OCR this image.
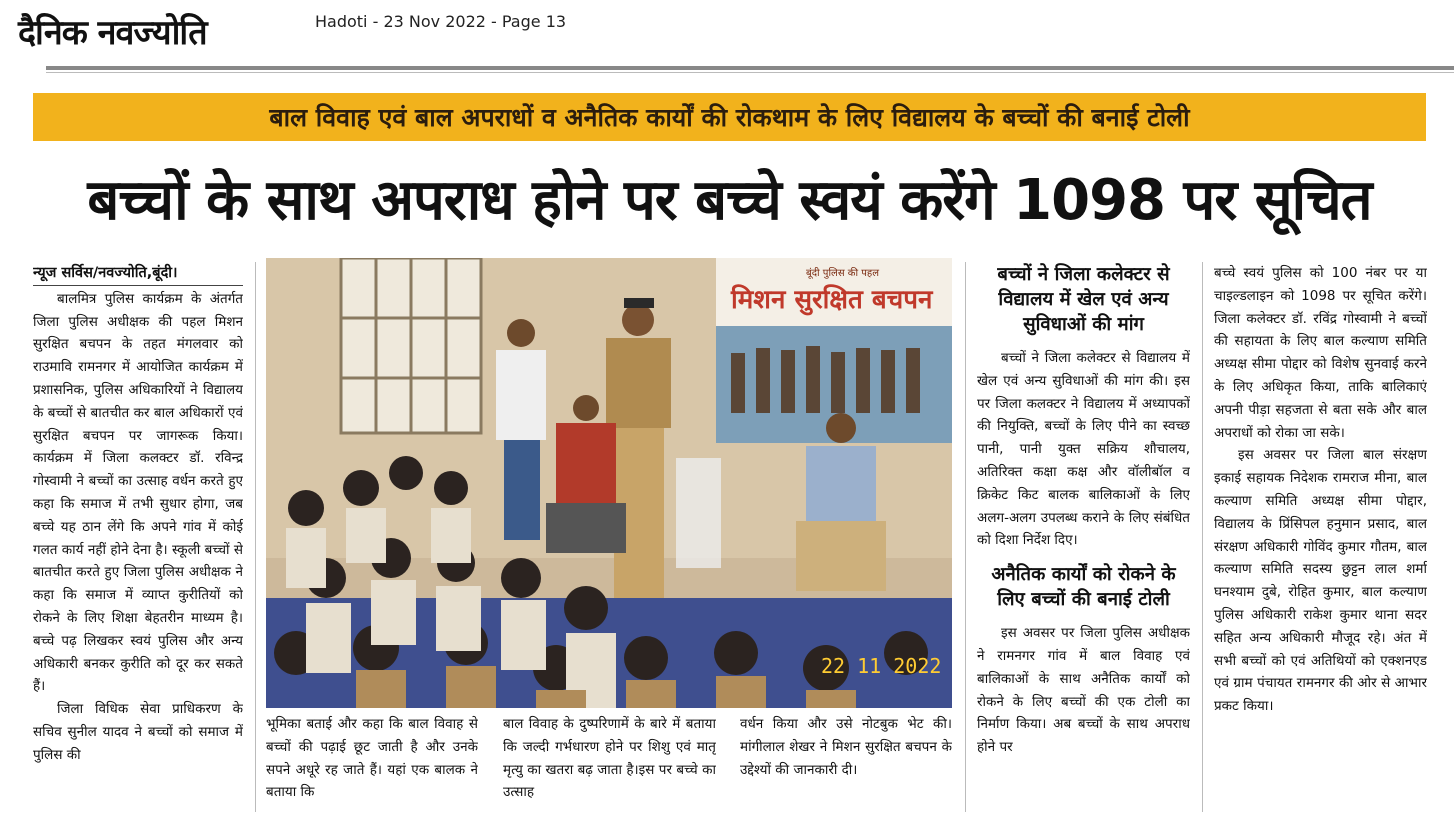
दैनिक नवज्योति	Hadoti - 23 Nov 2022 - Page 13
बाल विवाह एवं बाल अपराधों व अनैतिक कार्यों की रोकथाम के लिए विद्यालय के बच्चों की बनाई टोली
बच्चों के साथ अपराध होने पर बच्चे स्वयं करेंगे 1098 पर सूचित
न्यूज सर्विस/नवज्योति,बूंदी।
बालमित्र पुलिस कार्यक्रम के अंतर्गत जिला पुलिस अधीक्षक की पहल मिशन सुरक्षित बचपन के तहत मंगलवार को राउमावि रामनगर में आयोजित कार्यक्रम में प्रशासनिक, पुलिस अधिकारियों ने विद्यालय के बच्चों से बातचीत कर बाल अधिकारों एवं सुरक्षित बचपन पर जागरूक किया। कार्यक्रम में जिला कलक्टर डॉ. रविन्द्र गोस्वामी ने बच्चों का उत्साह वर्धन करते हुए कहा कि समाज में तभी सुधार होगा, जब बच्चे यह ठान लेंगे कि अपने गांव में कोई गलत कार्य नहीं होने देना है। स्कूली बच्चों से बातचीत करते हुए जिला पुलिस अधीक्षक ने कहा कि समाज में व्याप्त कुरीतियों को रोकने के लिए शिक्षा बेहतरीन माध्यम है। बच्चे पढ़ लिखकर स्वयं पुलिस और अन्य अधिकारी बनकर कुरीति को दूर कर सकते हैं।
जिला विधिक सेवा प्राधिकरण के सचिव सुनील यादव ने बच्चों को समाज में पुलिस की
बूंदी पुलिस की पहल
मिशन सुरक्षित बचपन
22 11 2022
भूमिका बताई और कहा कि बाल विवाह से बच्चों की पढ़ाई छूट जाती है और उनके सपने अधूरे रह जाते हैं। यहां एक बालक ने बताया कि
बाल विवाह के दुष्परिणामें के बारे में बताया कि जल्दी गर्भधारण होने पर शिशु एवं मातृ मृत्यु का खतरा बढ़ जाता है।इस पर बच्चे का उत्साह
वर्धन किया और उसे नोटबुक भेट की। मांगीलाल शेखर ने मिशन सुरक्षित बचपन के उद्देश्यों की जानकारी दी।
बच्चों ने जिला कलेक्टर से विद्यालय में खेल एवं अन्य सुविधाओं की मांग
बच्चों ने जिला कलेक्टर से विद्यालय में खेल एवं अन्य सुविधाओं की मांग की। इस पर जिला कलक्टर ने विद्यालय में अध्यापकों की नियुक्ति, बच्चों के लिए पीने का स्वच्छ पानी, पानी युक्त सक्रिय शौचालय, अतिरिक्त कक्षा कक्ष और वॉलीबॉल व क्रिकेट किट बालक बालिकाओं के लिए अलग-अलग उपलब्ध कराने के लिए संबंधित को दिशा निर्देश दिए।
अनैतिक कार्यों को रोकने के लिए बच्चों की बनाई टोली
इस अवसर पर जिला पुलिस अधीक्षक ने रामनगर गांव में बाल विवाह एवं बालिकाओं के साथ अनैतिक कार्यों को रोकने के लिए बच्चों की एक टोली का निर्माण किया। अब बच्चों के साथ अपराध होने पर
बच्चे स्वयं पुलिस को 100 नंबर पर या चाइल्डलाइन को 1098 पर सूचित करेंगे। जिला कलेक्टर डॉ. रविंद्र गोस्वामी ने बच्चों की सहायता के लिए बाल कल्याण समिति अध्यक्ष सीमा पोद्दार को विशेष सुनवाई करने के लिए अधिकृत किया, ताकि बालिकाएं अपनी पीड़ा सहजता से बता सके और बाल अपराधों को रोका जा सके।
इस अवसर पर जिला बाल संरक्षण इकाई सहायक निदेशक रामराज मीना, बाल कल्याण समिति अध्यक्ष सीमा पोद्दार, विद्यालय के प्रिंसिपल हनुमान प्रसाद, बाल संरक्षण अधिकारी गोविंद कुमार गौतम, बाल कल्याण समिति सदस्य छुट्टन लाल शर्मा घनश्याम दुबे, रोहित कुमार, बाल कल्याण पुलिस अधिकारी राकेश कुमार थाना सदर सहित अन्य अधिकारी मौजूद रहे। अंत में सभी बच्चों को एवं अतिथियों को एक्शनएड एवं ग्राम पंचायत रामनगर की ओर से आभार प्रकट किया।
